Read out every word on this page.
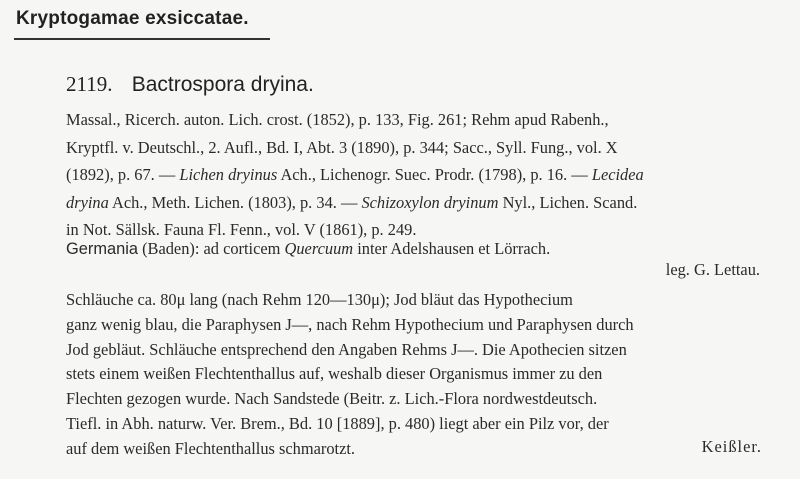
Kryptogamae exsiccatae.
2119. Bactrospora dryina.
Massal., Ricerch. auton. Lich. crost. (1852), p. 133, Fig. 261; Rehm apud Rabenh.,
Kryptfl. v. Deutschl., 2. Aufl., Bd. I, Abt. 3 (1890), p. 344; Sacc., Syll. Fung., vol. X
(1892), p. 67. — Lichen dryinus Ach., Lichenogr. Suec. Prodr. (1798), p. 16. — Lecidea
dryina Ach., Meth. Lichen. (1803), p. 34. — Schizoxylon dryinum Nyl., Lichen. Scand.
in Not. Sällsk. Fauna Fl. Fenn., vol. V (1861), p. 249.
Germania (Baden): ad corticem Quercuum inter Adelshausen et Lörrach.
leg. G. Lettau.
Schläuche ca. 80μ lang (nach Rehm 120—130μ); Jod bläut das Hypothecium
ganz wenig blau, die Paraphysen J—, nach Rehm Hypothecium und Paraphysen durch
Jod gebläut. Schläuche entsprechend den Angaben Rehms J—. Die Apothecien sitzen
stets einem weißen Flechtenthallus auf, weshalb dieser Organismus immer zu den
Flechten gezogen wurde. Nach Sandstede (Beitr. z. Lich.-Flora nordwestdeutsch.
Tiefl. in Abh. naturw. Ver. Brem., Bd. 10 [1889], p. 480) liegt aber ein Pilz vor, der
auf dem weißen Flechtenthallus schmarotzt.	Keißler.
